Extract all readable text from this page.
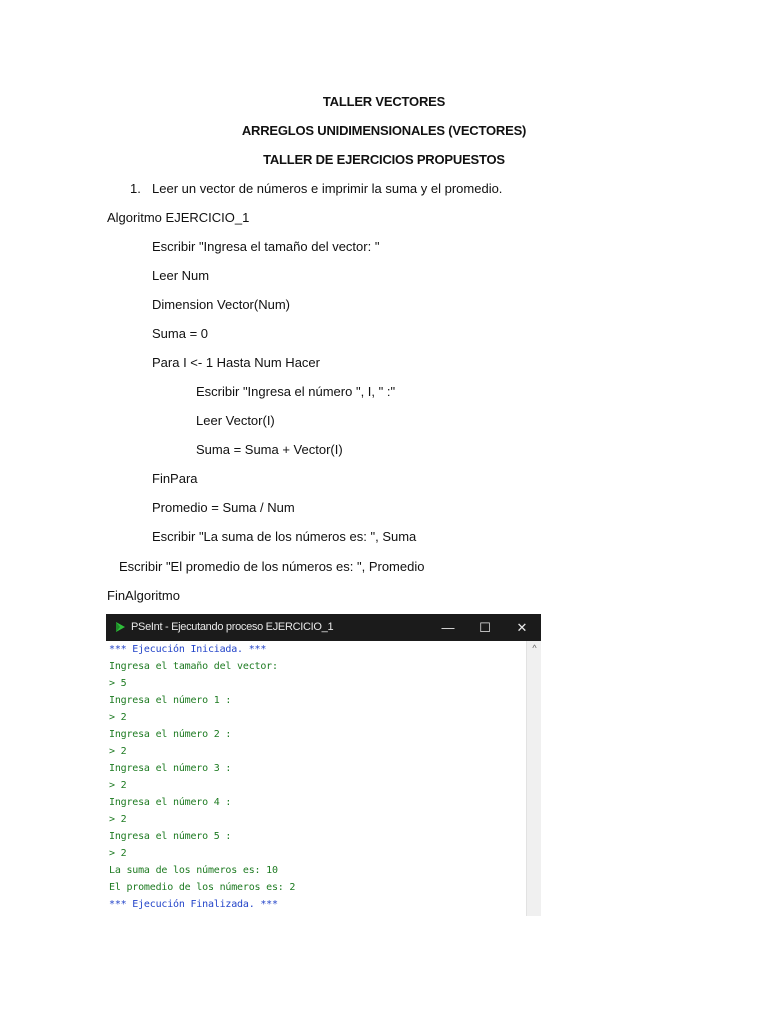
TALLER VECTORES
ARREGLOS UNIDIMENSIONALES (VECTORES)
TALLER DE EJERCICIOS PROPUESTOS
1. Leer un vector de números e imprimir la suma y el promedio.
Algoritmo EJERCICIO_1
Escribir "Ingresa el tamaño del vector: "
Leer Num
Dimension Vector(Num)
Suma = 0
Para I <- 1 Hasta Num Hacer
Escribir "Ingresa el número ", I, " :"
Leer Vector(I)
Suma = Suma + Vector(I)
FinPara
Promedio = Suma / Num
Escribir "La suma de los números es: ", Suma
Escribir "El promedio de los números es: ", Promedio
FinAlgoritmo
PSeInt - Ejecutando proceso EJERCICIO_1	—	☐	✕
*** Ejecución Iniciada. ***
Ingresa el tamaño del vector:
> 5
Ingresa el número 1 :
> 2
Ingresa el número 2 :
> 2
Ingresa el número 3 :
> 2
Ingresa el número 4 :
> 2
Ingresa el número 5 :
> 2
La suma de los números es: 10
El promedio de los números es: 2
*** Ejecución Finalizada. ***
^
